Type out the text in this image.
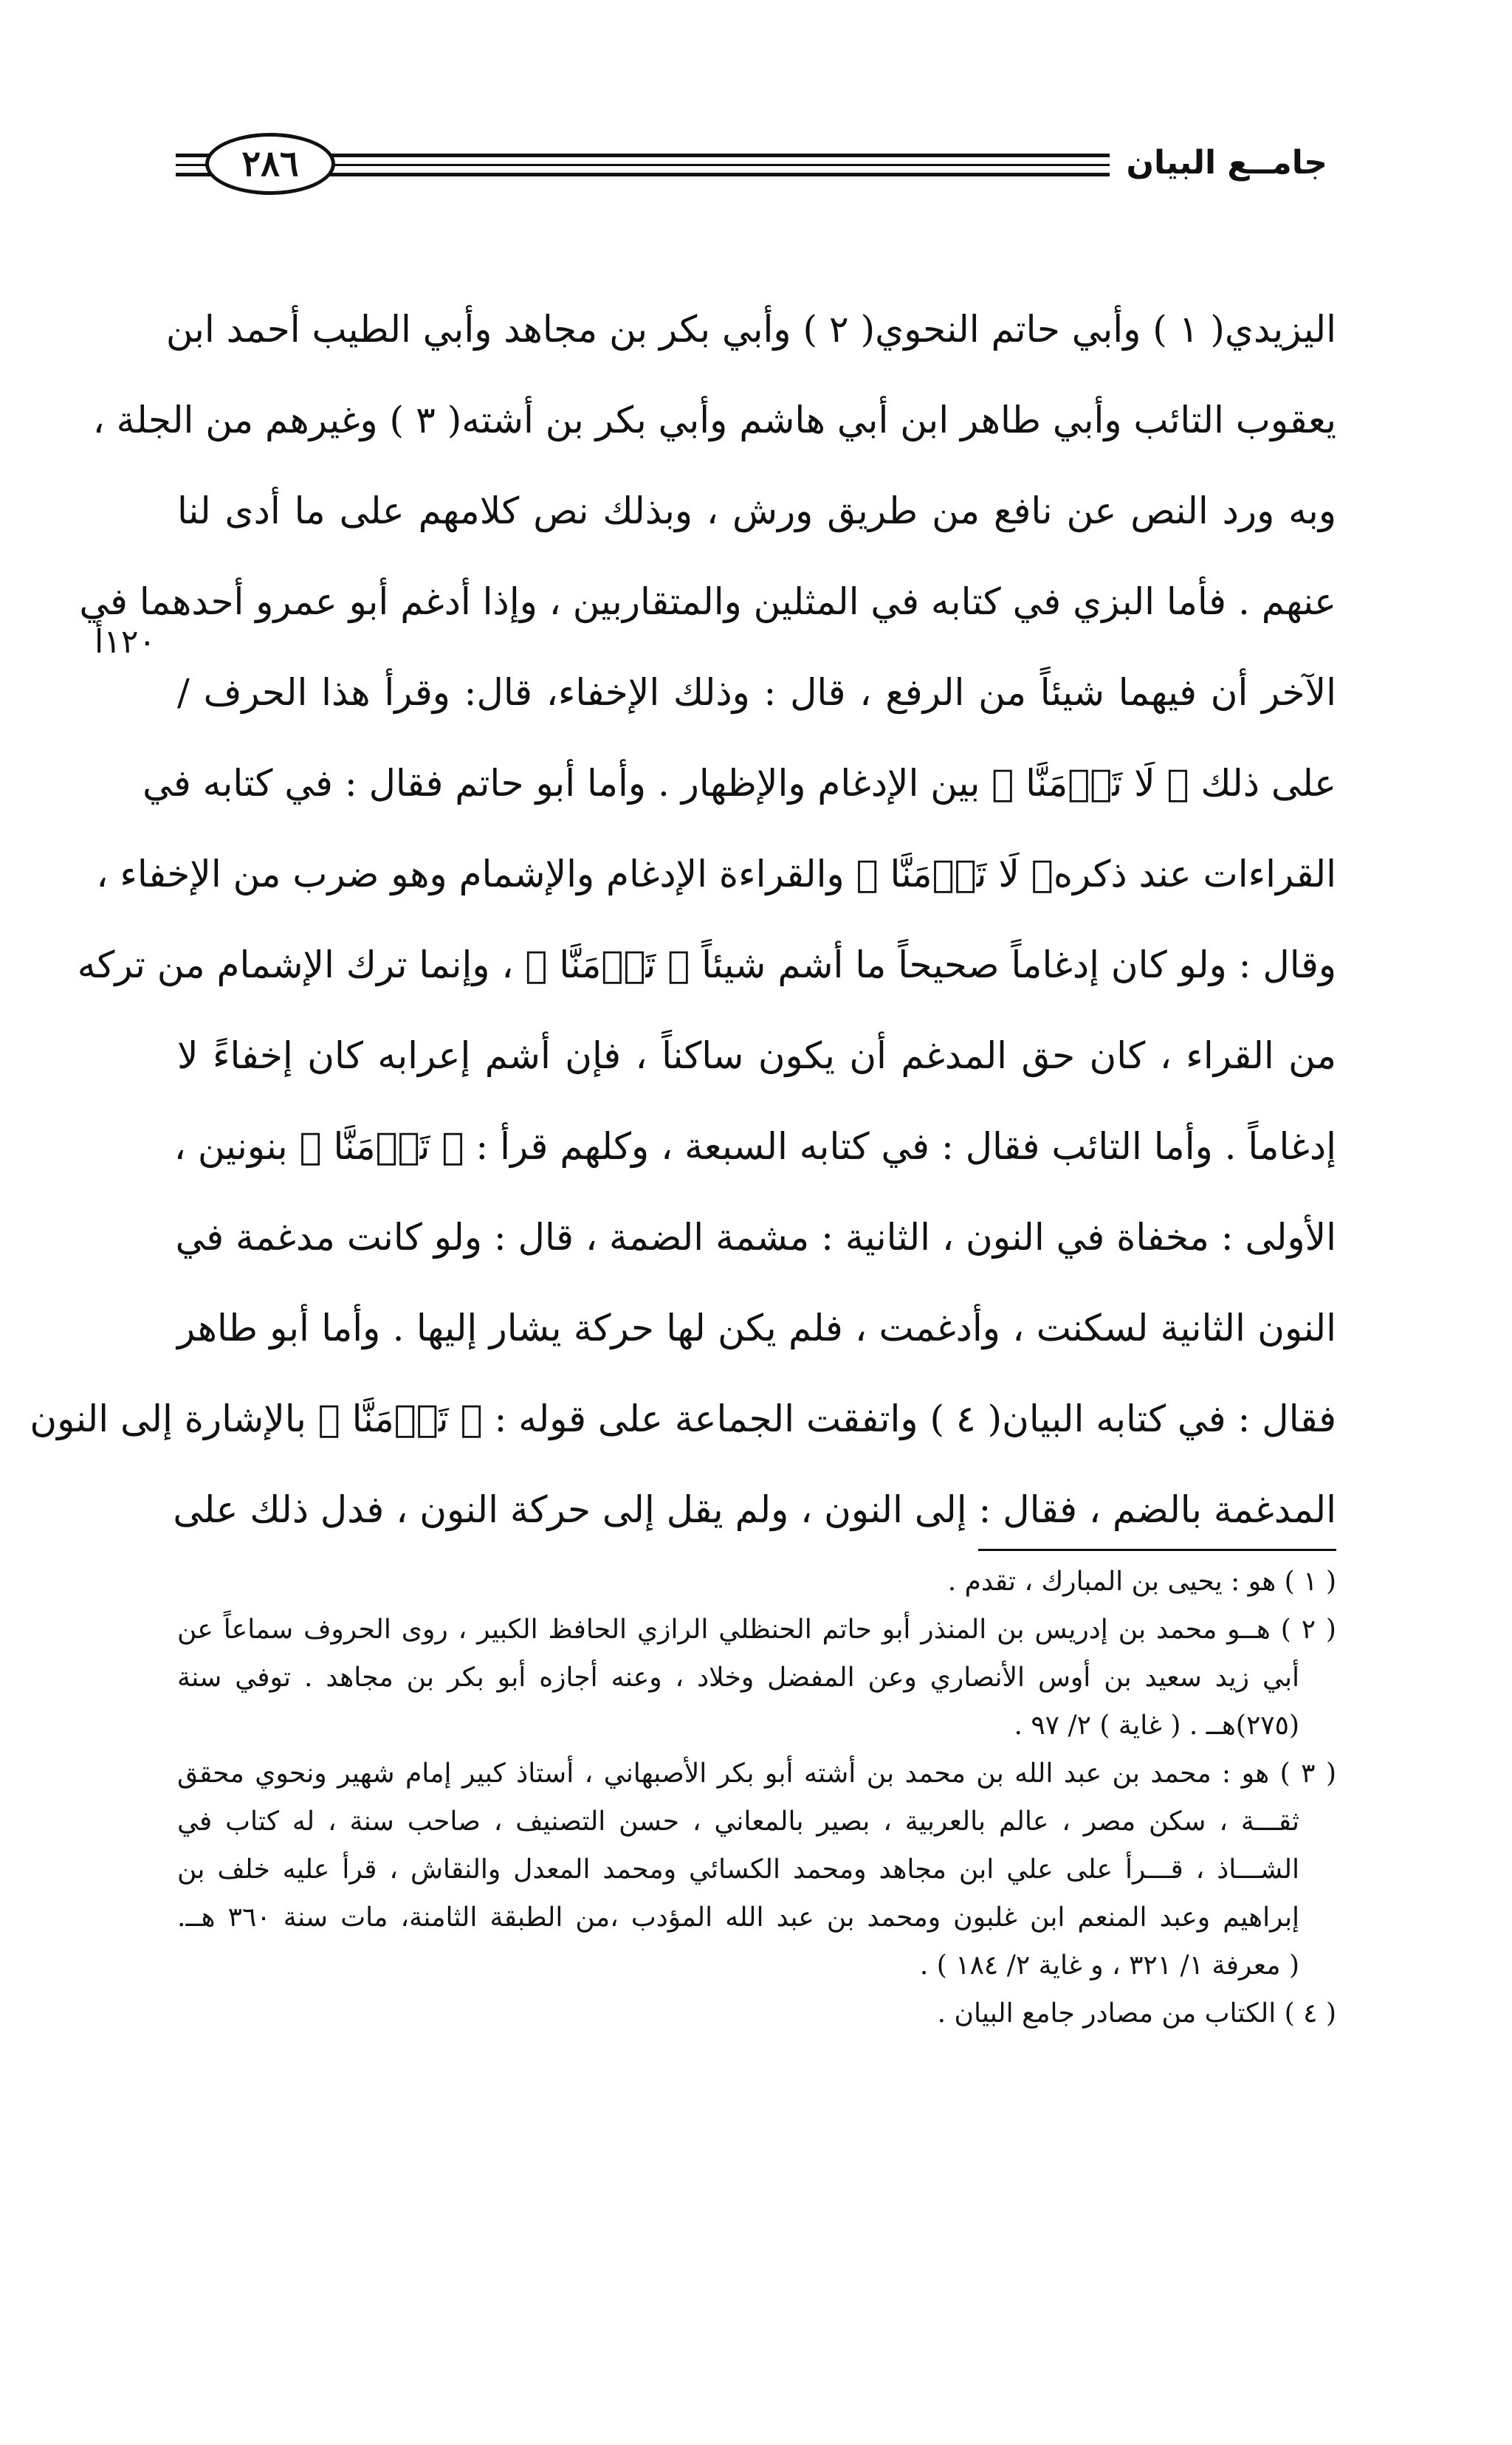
جامــع البيان
٢٨٦
اليزيدي( ١ ) وأبي حاتم النحوي( ٢ ) وأبي بكر بن مجاهد وأبي الطيب أحمد ابن
يعقوب التائب وأبي طاهر ابن أبي هاشم وأبي بكر بن أشته( ٣ ) وغيرهم من الجلة ،
وبه ورد النص عن نافع من طريق ورش ، وبذلك نص كلامهم على ما أدى لنا
عنهم . فأما البزي في كتابه في المثلين والمتقاربين ، وإذا أدغم أبو عمرو أحدهما في
الآخر أن فيهما شيئاً من الرفع ، قال : وذلك الإخفاء، قال: وقرأ هذا الحرف /
على ذلك ﴿ لَا تَأۡمَنَّا ﴾ بين الإدغام والإظهار . وأما أبو حاتم فقال : في كتابه في
القراءات عند ذكره﴿ لَا تَأۡمَنَّا ﴾ والقراءة الإدغام والإشمام وهو ضرب من الإخفاء ،
وقال : ولو كان إدغاماً صحيحاً ما أشم شيئاً ﴿ تَأۡمَنَّا ﴾ ، وإنما ترك الإشمام من تركه
من القراء ، كان حق المدغم أن يكون ساكناً ، فإن أشم إعرابه كان إخفاءً لا
إدغاماً . وأما التائب فقال : في كتابه السبعة ، وكلهم قرأ : ﴿ تَأۡمَنَّا ﴾ بنونين ،
الأولى : مخفاة في النون ، الثانية : مشمة الضمة ، قال : ولو كانت مدغمة في
النون الثانية لسكنت ، وأدغمت ، فلم يكن لها حركة يشار إليها . وأما أبو طاهر
فقال : في كتابه البيان( ٤ ) واتفقت الجماعة على قوله : ﴿ تَأۡمَنَّا ﴾ بالإشارة إلى النون
المدغمة بالضم ، فقال : إلى النون ، ولم يقل إلى حركة النون ، فدل ذلك على
١٢٠أ
( ١ ) هو : يحيى بن المبارك ، تقدم .
( ٢ ) هــو محمد بن إدريس بن المنذر أبو حاتم الحنظلي الرازي الحافظ الكبير ، روى الحروف سماعاً عن
أبي زيد سعيد بن أوس الأنصاري وعن المفضل وخلاد ، وعنه أجازه أبو بكر بن مجاهد . توفي سنة
(٢٧٥)هــ . ( غاية ) ٢/ ٩٧ .
( ٣ ) هو : محمد بن عبد الله بن محمد بن أشته أبو بكر الأصبهاني ، أستاذ كبير إمام شهير ونحوي محقق
ثقـــة ، سكن مصر ، عالم بالعربية ، بصير بالمعاني ، حسن التصنيف ، صاحب سنة ، له كتاب في
الشـــاذ ، قـــرأ على علي ابن مجاهد ومحمد الكسائي ومحمد المعدل والنقاش ، قرأ عليه خلف بن
إبراهيم وعبد المنعم ابن غلبون ومحمد بن عبد الله المؤدب ،من الطبقة الثامنة، مات سنة ٣٦٠ هــ.
( معرفة ١/ ٣٢١ ، و غاية ٢/ ١٨٤ ) .
( ٤ ) الكتاب من مصادر جامع البيان .
